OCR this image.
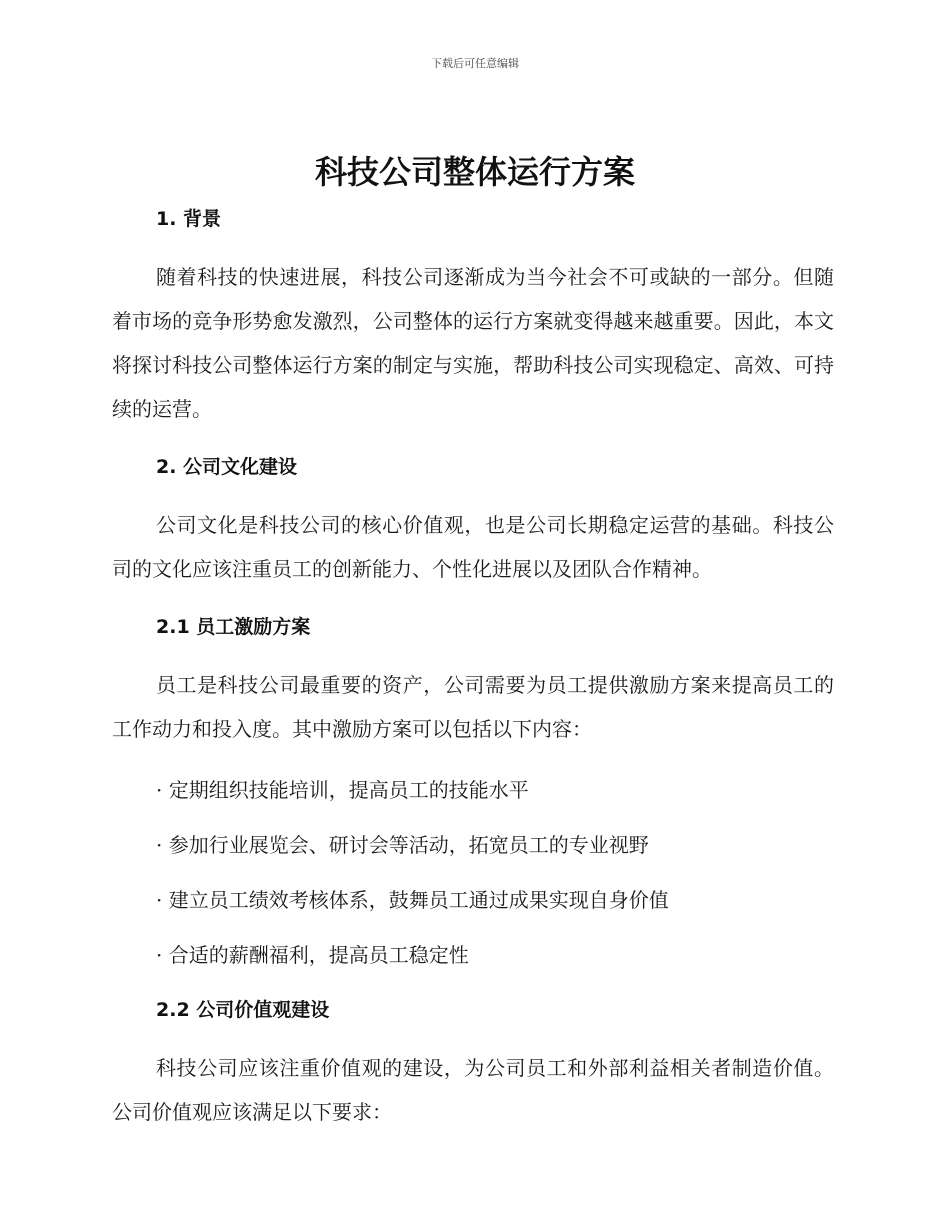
下载后可任意编辑
科技公司整体运行方案
1. 背景

随着科技的快速进展，科技公司逐渐成为当今社会不可或缺的一部分。但随着市场的竞争形势愈发激烈，公司整体的运行方案就变得越来越重要。因此，本文将探讨科技公司整体运行方案的制定与实施，帮助科技公司实现稳定、高效、可持续的运营。

2. 公司文化建设

公司文化是科技公司的核心价值观，也是公司长期稳定运营的基础。科技公司的文化应该注重员工的创新能力、个性化进展以及团队合作精神。

2.1 员工激励方案

员工是科技公司最重要的资产，公司需要为员工提供激励方案来提高员工的工作动力和投入度。其中激励方案可以包括以下内容：

· 定期组织技能培训，提高员工的技能水平

· 参加行业展览会、研讨会等活动，拓宽员工的专业视野

· 建立员工绩效考核体系，鼓舞员工通过成果实现自身价值

· 合适的薪酬福利，提高员工稳定性

2.2 公司价值观建设

科技公司应该注重价值观的建设，为公司员工和外部利益相关者制造价值。公司价值观应该满足以下要求：
